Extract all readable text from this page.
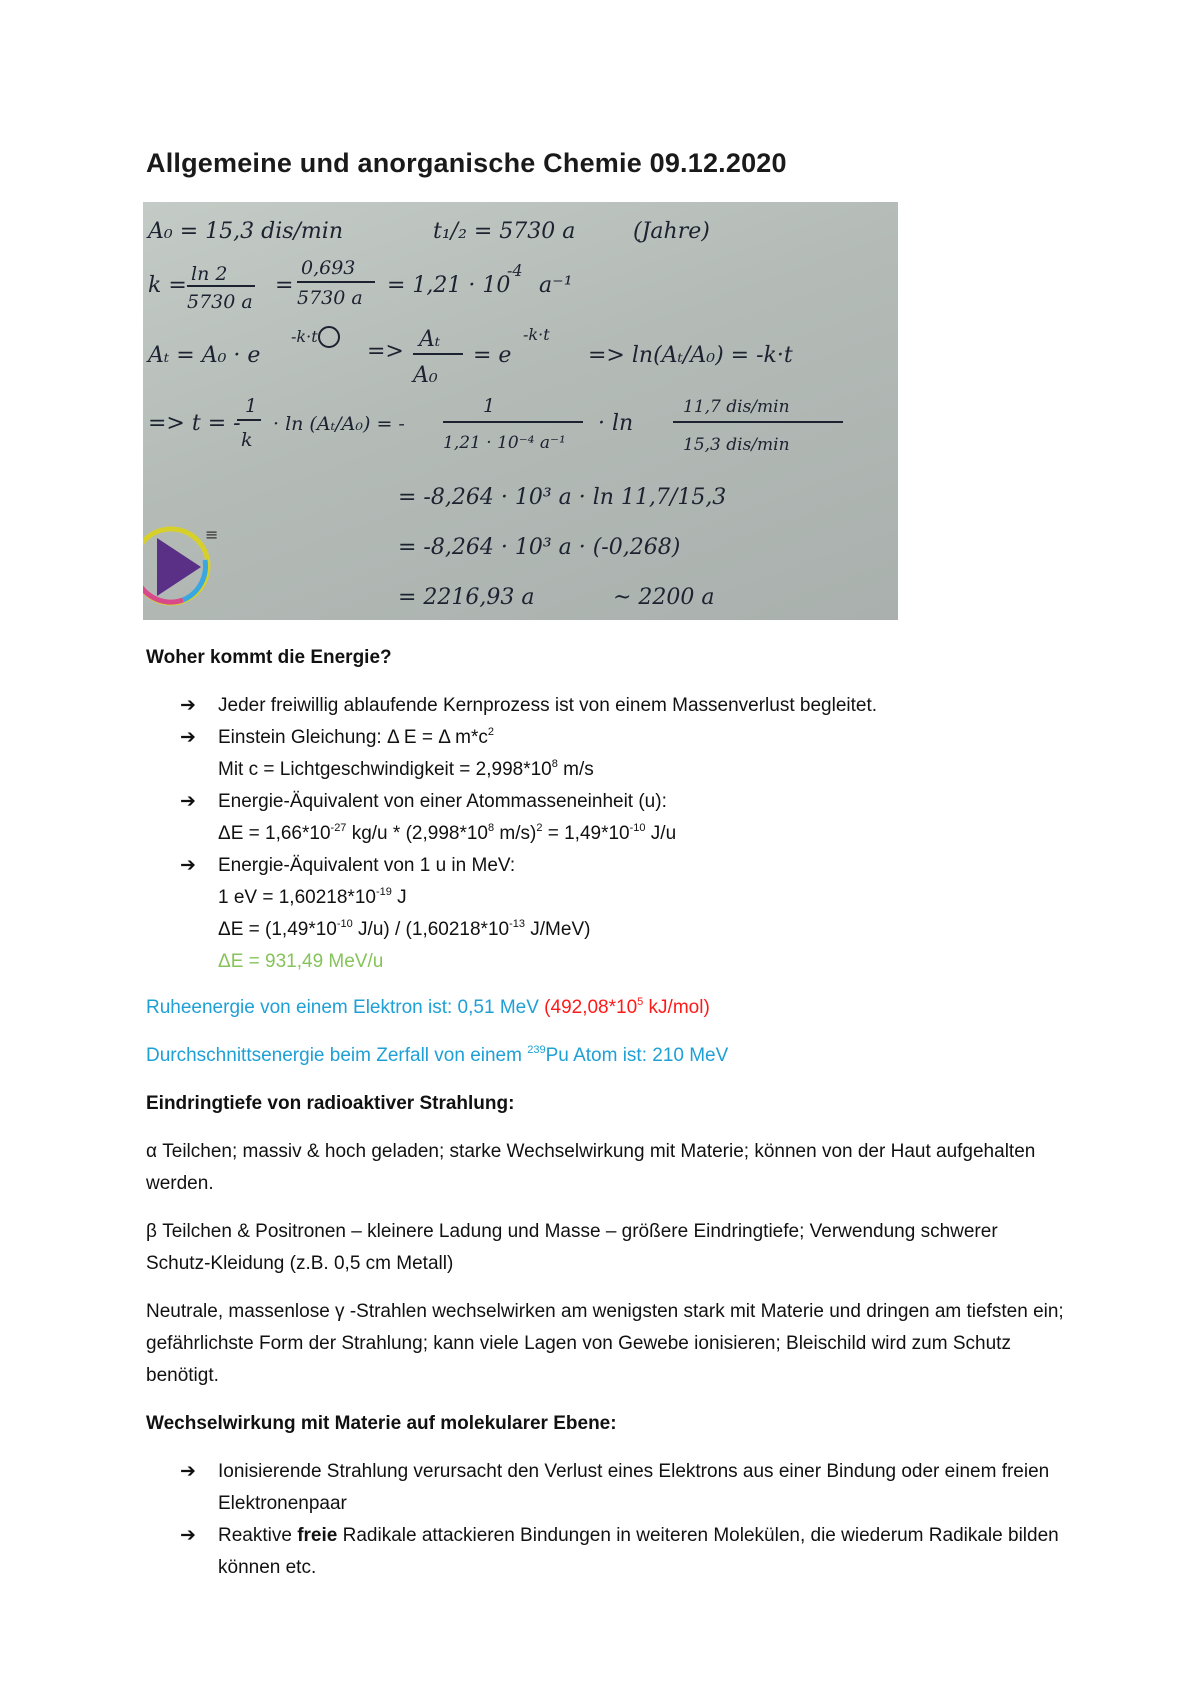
Allgemeine und anorganische Chemie 09.12.2020
A₀ = 15,3 dis/min	t₁/₂ = 5730 a	(Jahre)
k = ln 2
5730 a
=
0,693
5730 a = 1,21 · 10
-4
a⁻¹
Aₜ = A₀ · e
-k·t
=> Aₜ
A₀
= e
-k·t
=> ln(Aₜ/A₀) = -k·t
=> t = -
1
k
· ln (Aₜ/A₀) = -
1
1,21 · 10⁻⁴ a⁻¹
· ln
11,7 dis/min
15,3 dis/min
= -8,264 · 10³ a · ln 11,7/15,3
= -8,264 · 10³ a · (-0,268)
= 2216,93 a	~ 2200 a
≡
Woher kommt die Energie?
➔ Jeder freiwillig ablaufende Kernprozess ist von einem Massenverlust begleitet.
➔ Einstein Gleichung: Δ E = Δ $m*c^2$
Mit c = Lichtgeschwindigkeit = $2,998*10^8$ m/s
➔ Energie-Äquivalent von einer Atommasseneinheit (u):
$\Delta E = 1,66*10^{-27}$ $kg/u * (2,998*10^8$ $m/s)^2 = 1,49*10^{-10}$ J/u
➔ Energie-Äquivalent von 1 u in MeV:
1 eV = $1,60218*10^{-19}$ J
$\Delta E = (1,49*10^{-10}$ $J/u) / (1,60218*10^{-13}$ J/MeV)
ΔE = 931,49 MeV/u
Ruheenergie von einem Elektron ist: 0,51 MeV ($492,08*10^5$ kJ/mol)
Durchschnittsenergie beim Zerfall von einem $^{239}$Pu Atom ist: 210 MeV
Eindringtiefe von radioaktiver Strahlung:
α Teilchen; massiv & hoch geladen; starke Wechselwirkung mit Materie; können von der Haut aufgehalten werden.
β Teilchen & Positronen – kleinere Ladung und Masse – größere Eindringtiefe; Verwendung schwerer Schutz-Kleidung (z.B. 0,5 cm Metall)
Neutrale, massenlose γ -Strahlen wechselwirken am wenigsten stark mit Materie und dringen am tiefsten ein; gefährlichste Form der Strahlung; kann viele Lagen von Gewebe ionisieren; Bleischild wird zum Schutz benötigt.
Wechselwirkung mit Materie auf molekularer Ebene:
➔ Ionisierende Strahlung verursacht den Verlust eines Elektrons aus einer Bindung oder einem freien Elektronenpaar
➔ Reaktive freie Radikale attackieren Bindungen in weiteren Molekülen, die wiederum Radikale bilden können etc.
